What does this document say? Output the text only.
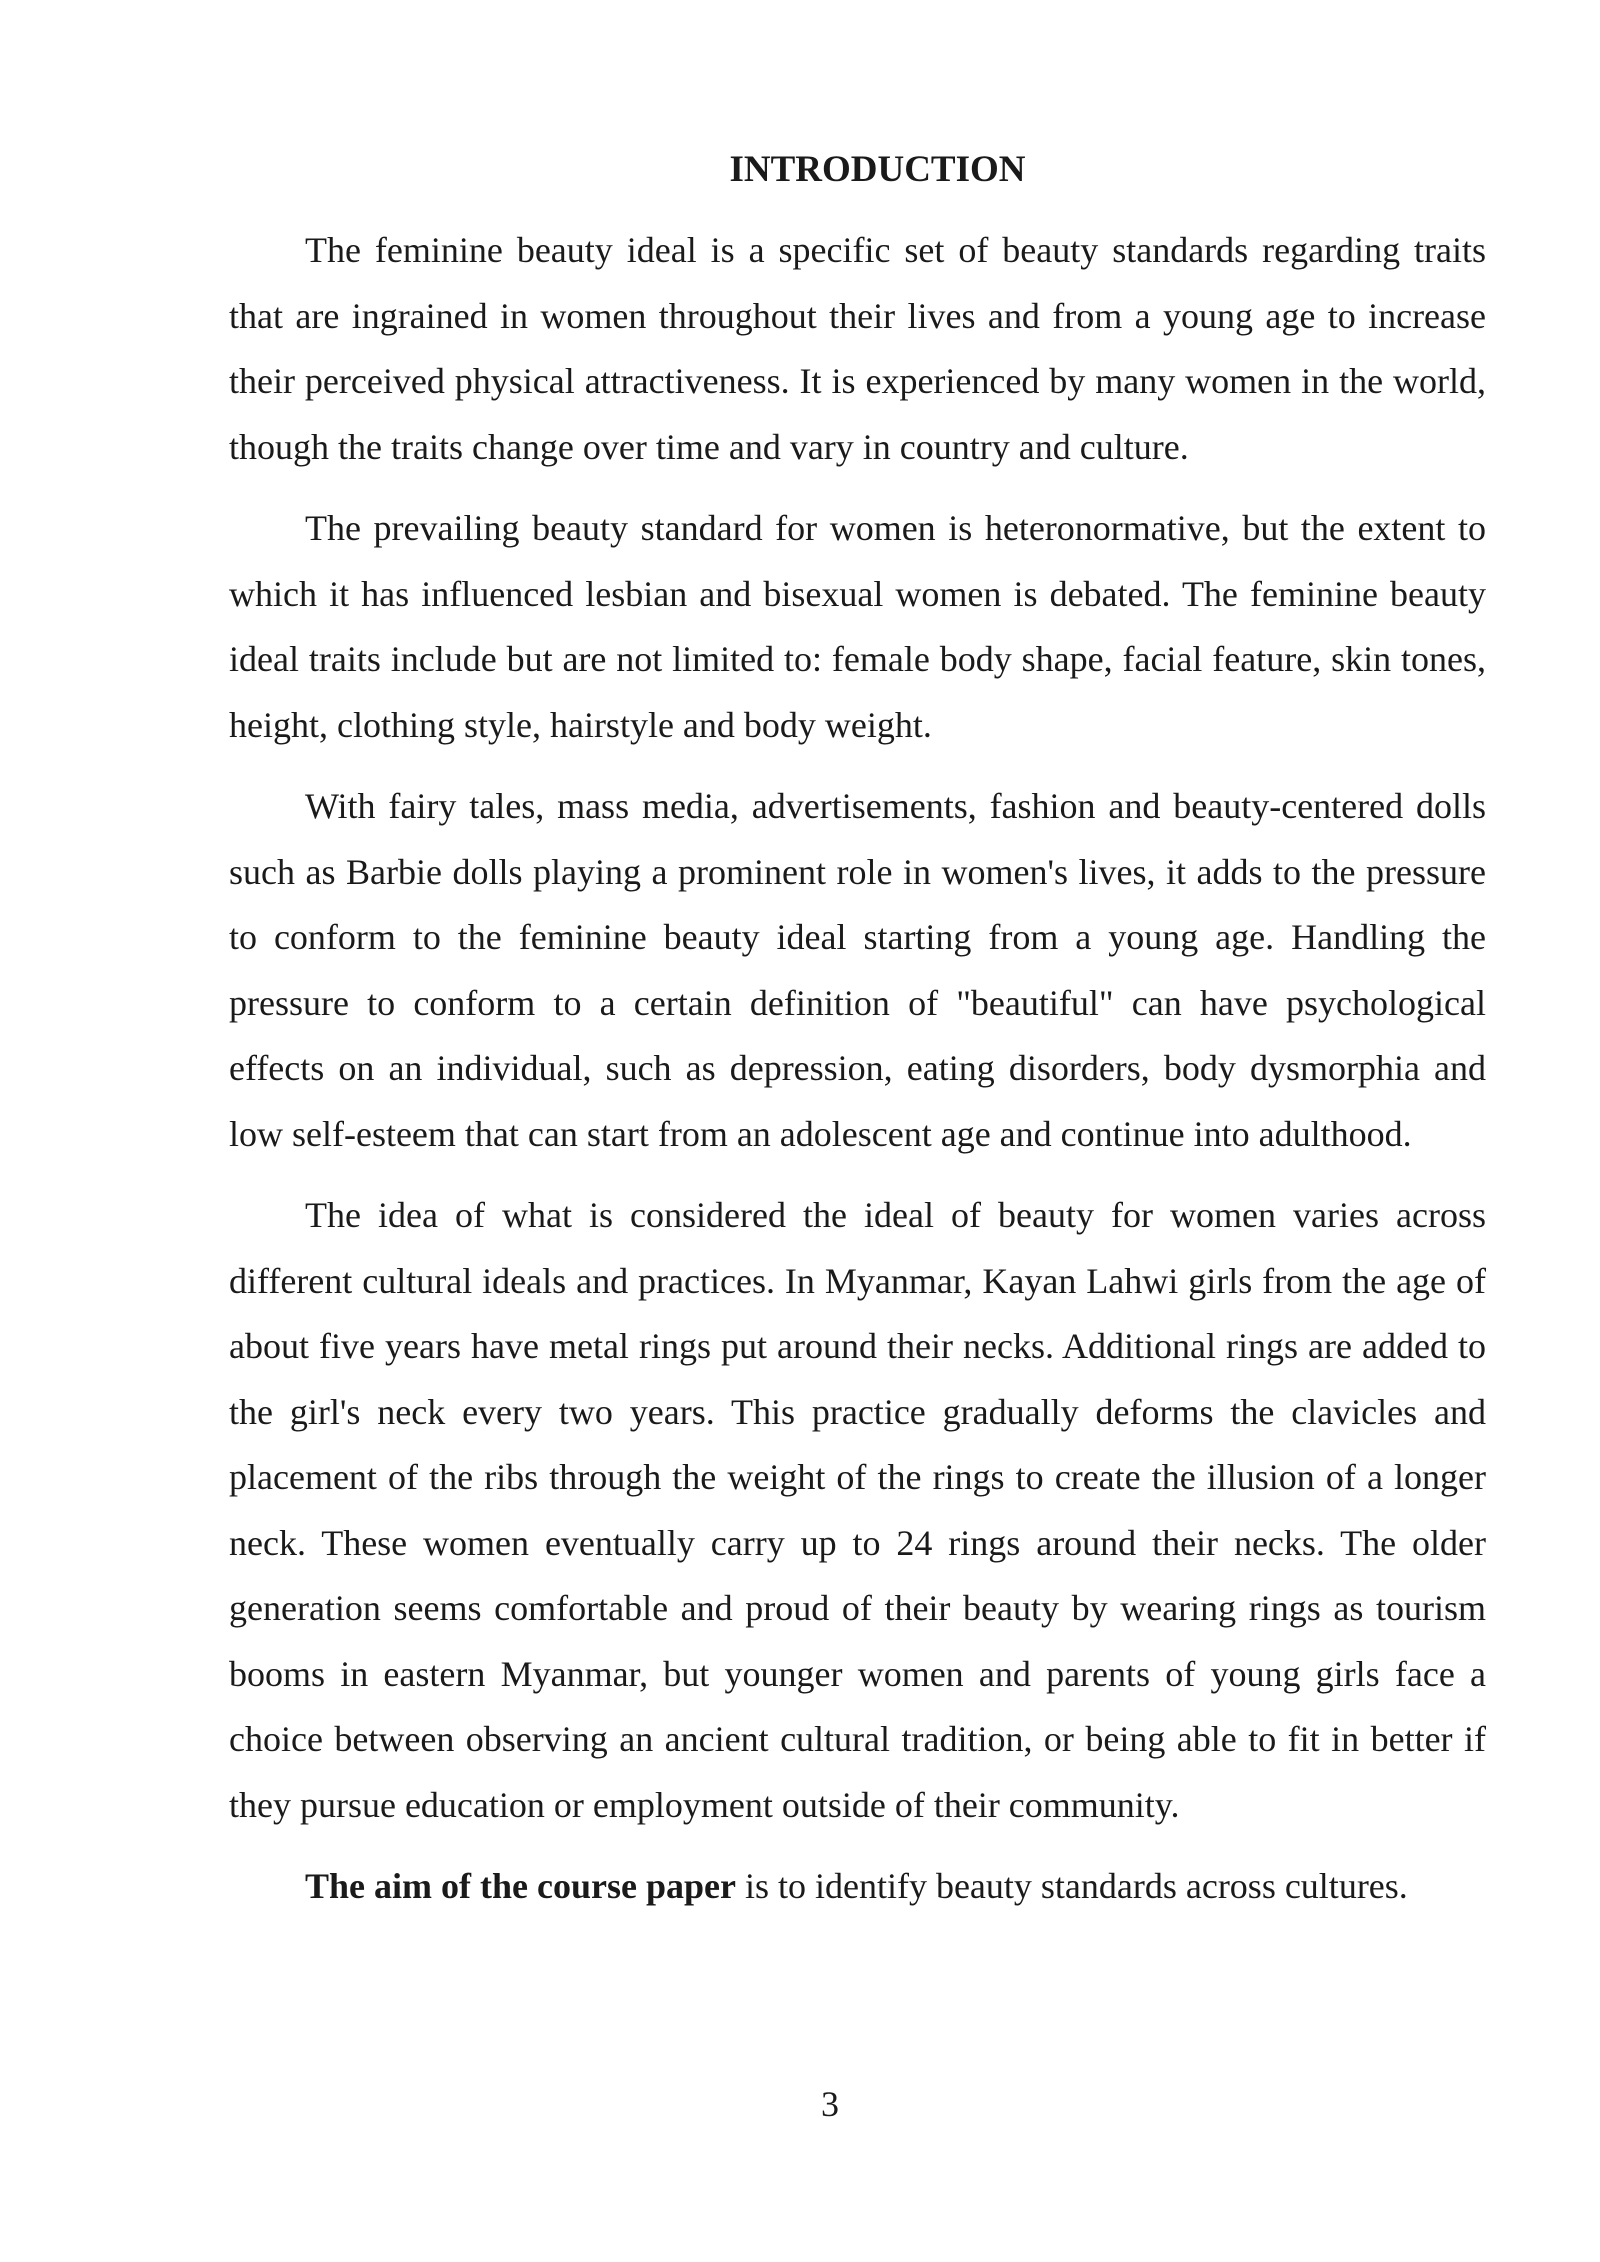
INTRODUCTION

The feminine beauty ideal is a specific set of beauty standards regarding traits that are ingrained in women throughout their lives and from a young age to increase their perceived physical attractiveness. It is experienced by many women in the world, though the traits change over time and vary in country and culture.

The prevailing beauty standard for women is heteronormative, but the extent to which it has influenced lesbian and bisexual women is debated. The feminine beauty ideal traits include but are not limited to: female body shape, facial feature, skin tones, height, clothing style, hairstyle and body weight.

With fairy tales, mass media, advertisements, fashion and beauty-centered dolls such as Barbie dolls playing a prominent role in women's lives, it adds to the pressure to conform to the feminine beauty ideal starting from a young age. Handling the pressure to conform to a certain definition of "beautiful" can have psychological effects on an individual, such as depression, eating disorders, body dysmorphia and low self-esteem that can start from an adolescent age and continue into adulthood.

The idea of what is considered the ideal of beauty for women varies across different cultural ideals and practices. In Myanmar, Kayan Lahwi girls from the age of about five years have metal rings put around their necks. Additional rings are added to the girl's neck every two years. This practice gradually deforms the clavicles and placement of the ribs through the weight of the rings to create the illusion of a longer neck. These women eventually carry up to 24 rings around their necks. The older generation seems comfortable and proud of their beauty by wearing rings as tourism booms in eastern Myanmar, but younger women and parents of young girls face a choice between observing an ancient cultural tradition, or being able to fit in better if they pursue education or employment outside of their community.

The aim of the course paper is to identify beauty standards across cultures.

3
